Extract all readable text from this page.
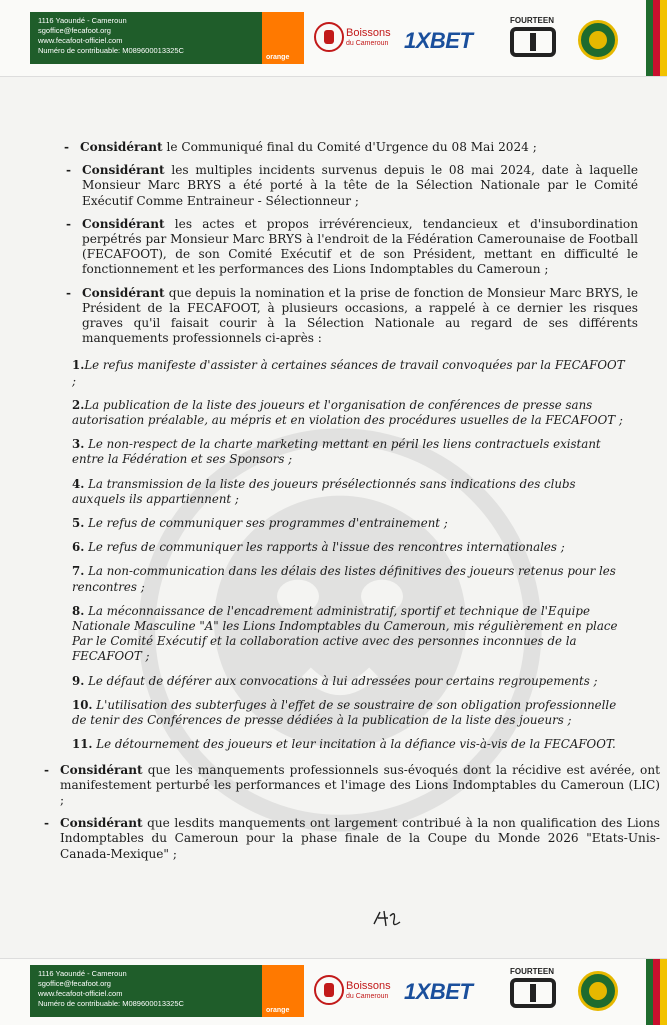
1116 Yaoundé - Cameroun
sgoffice@fecafoot.org
www.fecafoot-officiel.com
Numéro de contribuable: M089600013325C
orange
Boissons
du Cameroun 1XBET
FOURTEEN
- Considérant le Communiqué final du Comité d'Urgence du 08 Mai 2024 ;
- Considérant les multiples incidents survenus depuis le 08 mai 2024, date à laquelle Monsieur Marc BRYS a été porté à la tête de la Sélection Nationale par le Comité Exécutif Comme Entraineur - Sélectionneur ;
- Considérant les actes et propos irrévérencieux, tendancieux et d'insubordination perpétrés par Monsieur Marc BRYS à l'endroit de la Fédération Camerounaise de Football (FECAFOOT), de son Comité Exécutif et de son Président, mettant en difficulté le fonctionnement et les performances des Lions Indomptables du Cameroun ;
- Considérant que depuis la nomination et la prise de fonction de Monsieur Marc BRYS, le Président de la FECAFOOT, à plusieurs occasions, a rappelé à ce dernier les risques graves qu'il faisait courir à la Sélection Nationale au regard de ses différents manquements professionnels ci-après :
1.Le refus manifeste d'assister à certaines séances de travail convoquées par la FECAFOOT ;
2.La publication de la liste des joueurs et l'organisation de conférences de presse sans autorisation préalable, au mépris et en violation des procédures usuelles de la FECAFOOT ;
3. Le non-respect de la charte marketing mettant en péril les liens contractuels existant entre la Fédération et ses Sponsors ;
4. La transmission de la liste des joueurs présélectionnés sans indications des clubs auxquels ils appartiennent ;
5. Le refus de communiquer ses programmes d'entrainement ;
6. Le refus de communiquer les rapports à l'issue des rencontres internationales ;
7. La non-communication dans les délais des listes définitives des joueurs retenus pour les rencontres ;
8. La méconnaissance de l'encadrement administratif, sportif et technique de l'Equipe Nationale Masculine "A" les Lions Indomptables du Cameroun, mis régulièrement en place Par le Comité Exécutif et la collaboration active avec des personnes inconnues de la FECAFOOT ;
9. Le défaut de déférer aux convocations à lui adressées pour certains regroupements ;
10. L'utilisation des subterfuges à l'effet de se soustraire de son obligation professionnelle de tenir des Conférences de presse dédiées à la publication de la liste des joueurs ;
11. Le détournement des joueurs et leur incitation à la défiance vis-à-vis de la FECAFOOT.
- Considérant que les manquements professionnels sus-évoqués dont la récidive est avérée, ont manifestement perturbé les performances et l'image des Lions Indomptables du Cameroun (LIC) ;
- Considérant que lesdits manquements ont largement contribué à la non qualification des Lions Indomptables du Cameroun pour la phase finale de la Coupe du Monde 2026 "Etats-Unis-Canada-Mexique" ;
1116 Yaoundé - Cameroun
sgoffice@fecafoot.org
www.fecafoot-officiel.com
Numéro de contribuable: M089600013325C
orange
Boissons
du Cameroun 1XBET
FOURTEEN
